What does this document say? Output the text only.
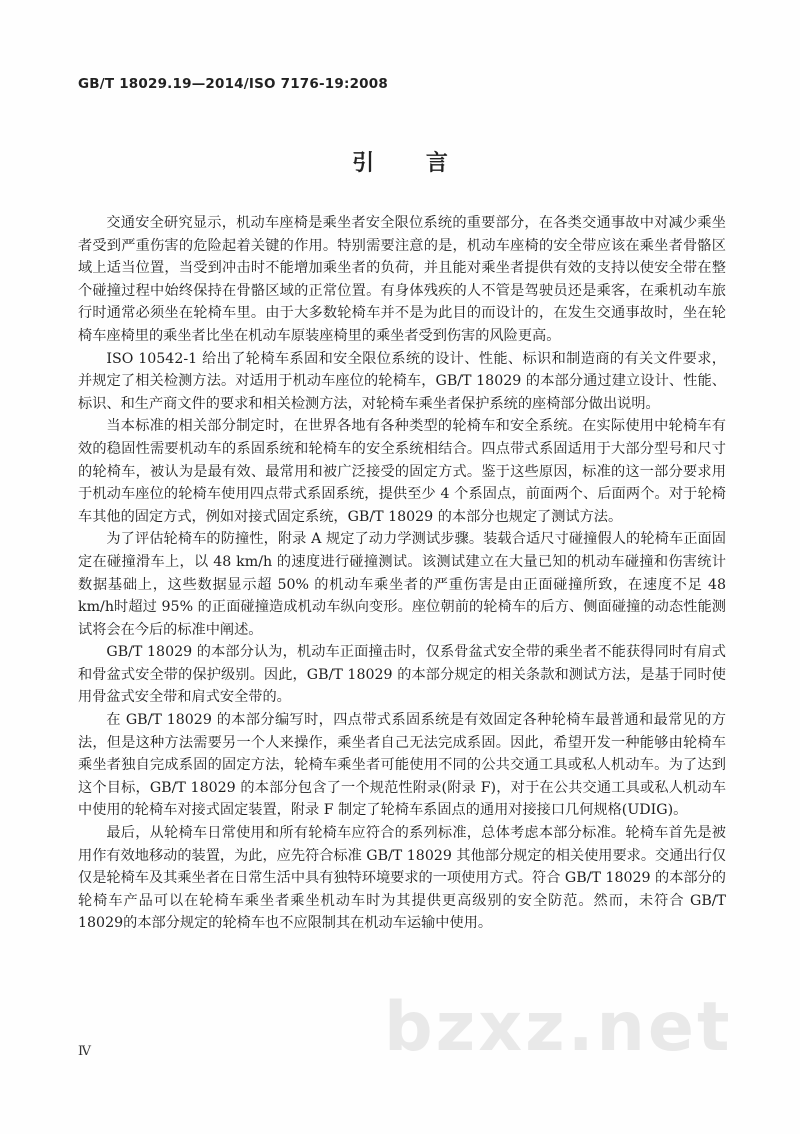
GB/T 18029.19—2014/ISO 7176-19:2008
引 言

交通安全研究显示，机动车座椅是乘坐者安全限位系统的重要部分，在各类交通事故中对减少乘坐者受到严重伤害的危险起着关键的作用。特别需要注意的是，机动车座椅的安全带应该在乘坐者骨骼区域上适当位置，当受到冲击时不能增加乘坐者的负荷，并且能对乘坐者提供有效的支持以使安全带在整个碰撞过程中始终保持在骨骼区域的正常位置。有身体残疾的人不管是驾驶员还是乘客，在乘机动车旅行时通常必须坐在轮椅车里。由于大多数轮椅车并不是为此目的而设计的，在发生交通事故时，坐在轮椅车座椅里的乘坐者比坐在机动车原装座椅里的乘坐者受到伤害的风险更高。

ISO 10542-1 给出了轮椅车系固和安全限位系统的设计、性能、标识和制造商的有关文件要求，并规定了相关检测方法。对适用于机动车座位的轮椅车，GB/T 18029 的本部分通过建立设计、性能、标识、和生产商文件的要求和相关检测方法，对轮椅车乘坐者保护系统的座椅部分做出说明。

当本标准的相关部分制定时，在世界各地有各种类型的轮椅车和安全系统。在实际使用中轮椅车有效的稳固性需要机动车的系固系统和轮椅车的安全系统相结合。四点带式系固适用于大部分型号和尺寸的轮椅车，被认为是最有效、最常用和被广泛接受的固定方式。鉴于这些原因，标准的这一部分要求用于机动车座位的轮椅车使用四点带式系固系统，提供至少 4 个系固点，前面两个、后面两个。对于轮椅车其他的固定方式，例如对接式固定系统，GB/T 18029 的本部分也规定了测试方法。

为了评估轮椅车的防撞性，附录 A 规定了动力学测试步骤。装载合适尺寸碰撞假人的轮椅车正面固定在碰撞滑车上，以 48 km/h 的速度进行碰撞测试。该测试建立在大量已知的机动车碰撞和伤害统计数据基础上，这些数据显示超 50% 的机动车乘坐者的严重伤害是由正面碰撞所致，在速度不足 48 km/h时超过 95% 的正面碰撞造成机动车纵向变形。座位朝前的轮椅车的后方、侧面碰撞的动态性能测试将会在今后的标准中阐述。

GB/T 18029 的本部分认为，机动车正面撞击时，仅系骨盆式安全带的乘坐者不能获得同时有肩式和骨盆式安全带的保护级别。因此，GB/T 18029 的本部分规定的相关条款和测试方法，是基于同时使用骨盆式安全带和肩式安全带的。

在 GB/T 18029 的本部分编写时，四点带式系固系统是有效固定各种轮椅车最普通和最常见的方法，但是这种方法需要另一个人来操作，乘坐者自己无法完成系固。因此，希望开发一种能够由轮椅车乘坐者独自完成系固的固定方法，轮椅车乘坐者可能使用不同的公共交通工具或私人机动车。为了达到这个目标，GB/T 18029 的本部分包含了一个规范性附录(附录 F)，对于在公共交通工具或私人机动车中使用的轮椅车对接式固定装置，附录 F 制定了轮椅车系固点的通用对接接口几何规格(UDIG)。

最后，从轮椅车日常使用和所有轮椅车应符合的系列标准，总体考虑本部分标准。轮椅车首先是被用作有效地移动的装置，为此，应先符合标准 GB/T 18029 其他部分规定的相关使用要求。交通出行仅仅是轮椅车及其乘坐者在日常生活中具有独特环境要求的一项使用方式。符合 GB/T 18029 的本部分的轮椅车产品可以在轮椅车乘坐者乘坐机动车时为其提供更高级别的安全防范。然而，未符合 GB/T 18029的本部分规定的轮椅车也不应限制其在机动车运输中使用。

bzxz.net
Ⅳ
